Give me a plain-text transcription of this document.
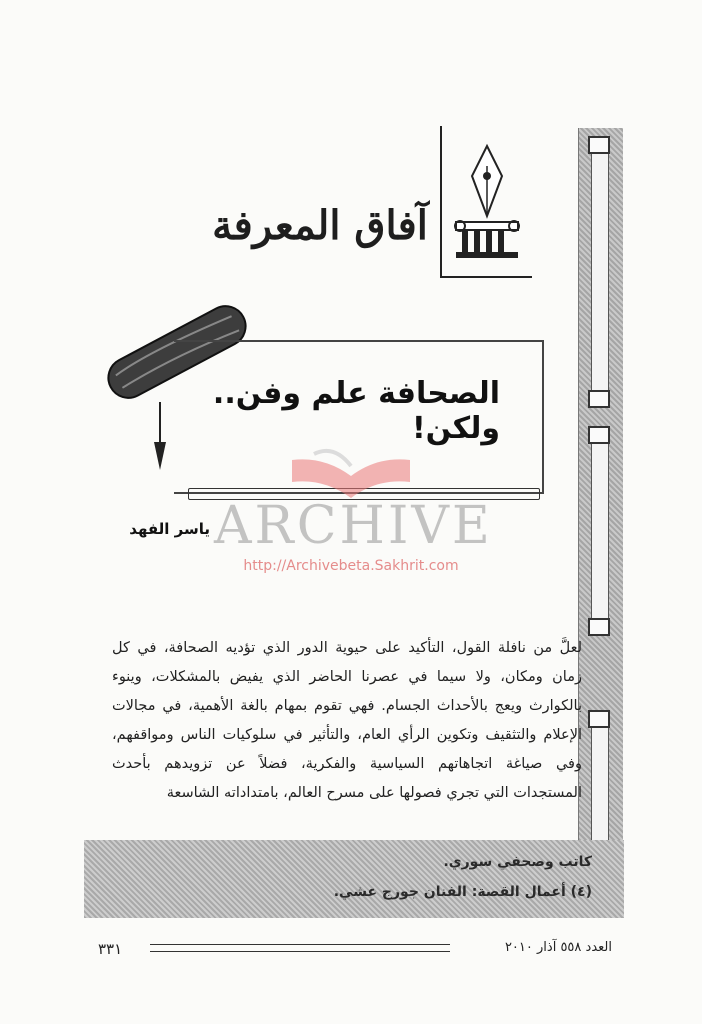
آفاق المعرفة
الصحافة علم وفن.. ولكن!
ياسر الفهد ARCHIVE
http://Archivebeta.Sakhrit.com

لعلَّ من نافلة القول، التأكيد على حيوية الدور الذي تؤديه الصحافة، في كل زمان ومكان، ولا سيما في عصرنا الحاضر الذي يفيض بالمشكلات، وينوء بالكوارث ويعج بالأحداث الجسام. فهي تقوم بمهام بالغة الأهمية، في مجالات الإعلام والتثقيف وتكوين الرأي العام، والتأثير في سلوكيات الناس ومواقفهم، وفي صياغة اتجاهاتهم السياسية والفكرية، فضلاً عن تزويدهم بأحدث المستجدات التي تجري فصولها على مسرح العالم، بامتداداته الشاسعة

كاتب وصحفي سوري.
(٤) أعمال القصة: الفنان جورج عشي.
٣٣١	العدد ٥٥٨ آذار ٢٠١٠
